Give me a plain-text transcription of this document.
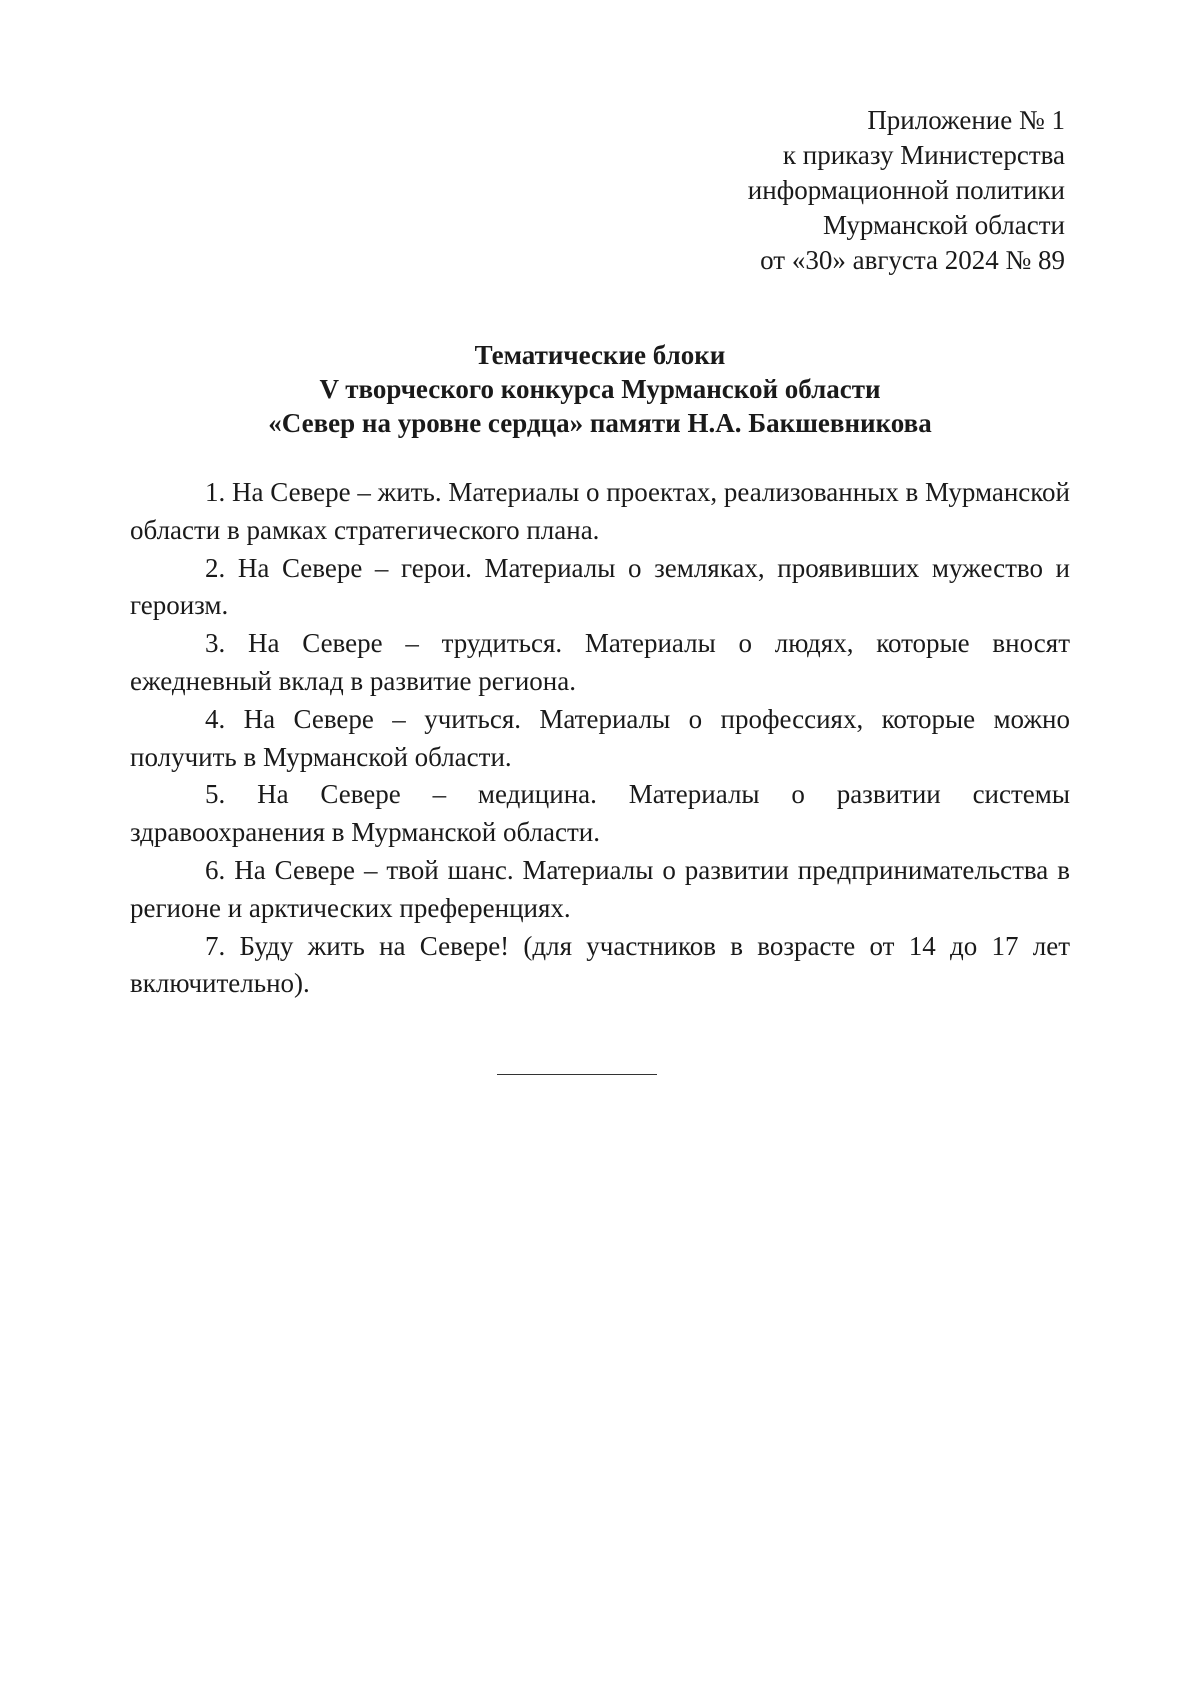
Приложение № 1
к приказу Министерства
информационной политики
Мурманской области
от «30» августа 2024 № 89
Тематические блоки
V творческого конкурса Мурманской области
«Север на уровне сердца» памяти Н.А. Бакшевникова

1. На Севере – жить. Материалы о проектах, реализованных в Мурманской области в рамках стратегического плана.

2. На Севере – герои. Материалы о земляках, проявивших мужество и героизм.

3. На Севере – трудиться. Материалы о людях, которые вносят ежедневный вклад в развитие региона.

4. На Севере – учиться. Материалы о профессиях, которые можно получить в Мурманской области.

5. На Севере – медицина. Материалы о развитии системы здравоохранения в Мурманской области.

6. На Севере – твой шанс. Материалы о развитии предпринимательства в регионе и арктических преференциях.

7. Буду жить на Севере! (для участников в возрасте от 14 до 17 лет включительно).
